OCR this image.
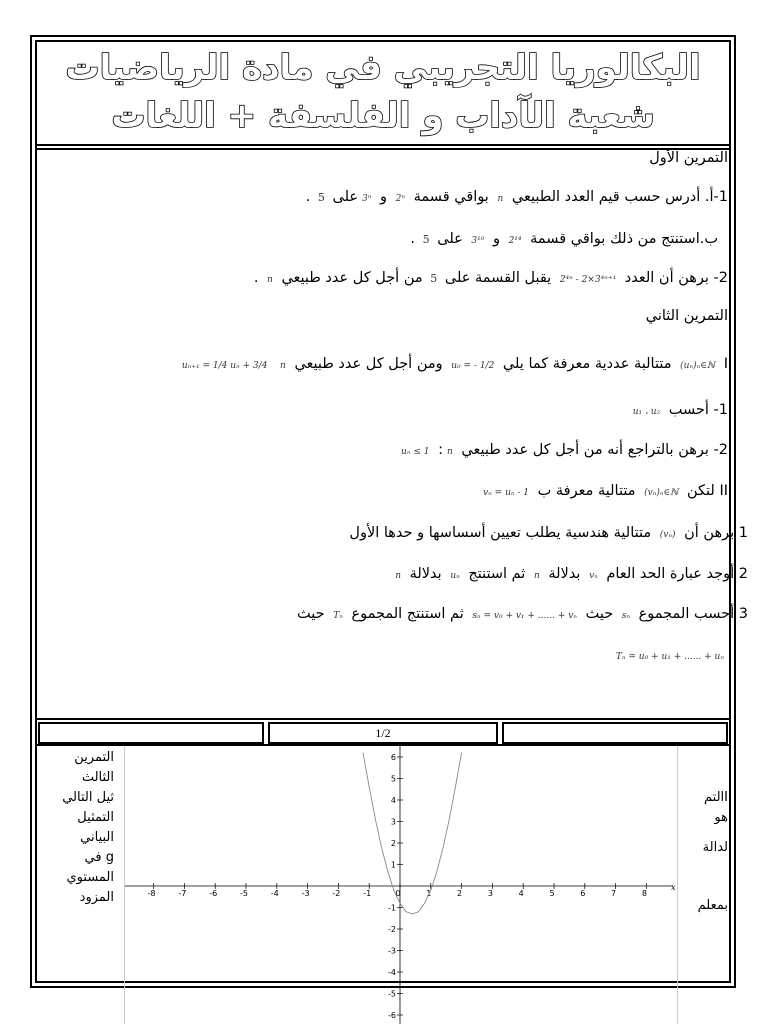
البكالوريا التجريبي في مادة الرياضيات
شعبة الآداب و الفلسفة + اللغات
التمرين الأول
1-أ. أدرس حسب قيم العدد الطبيعي n بواقي قسمة 2ⁿ و 3ⁿعلى 5 .
ب.استنتج من ذلك بواقي قسمة 2¹⁴ و 3¹⁰ على 5 .
2- برهن أن العدد 2⁴ⁿ - 2×3⁴ⁿ⁺¹ يقبل القسمة على 5 من أجل كل عدد طبيعي n .
التمرين الثاني
I (uₙ)ₙ∈ℕ متتالبة عددية معرفة كما يلي u₀ = - 1/2 ومن أجل كل عدد طبيعي n uₙ₊₁ = 1/4 uₙ + 3/4
1- أحسب u₁ ، u₂
2- برهن بالتراجع أنه من أجل كل عدد طبيعي n: uₙ ≤ 1
II لتكن (vₙ)ₙ∈ℕ متتالية معرفة ب vₙ = uₙ - 1
1 برهن أن (vₙ) متتالية هندسية يطلب تعيين أسساسها و حدها الأول
2 أوجد عبارة الحد العام vₙ بدلالة n ثم استنتج uₙ بدلالة n
3 أحسب المجموع sₙ حيث sₙ = v₀ + v₁ + ...... + vₙ ثم استنتج المجموع Tₙ حيث
Tₙ = u₀ + u₁ + ...... + uₙ
1/2
التمرين
الثالث
ثيل التالي
التمثيل
البياني
g في
المستوي
المزود
Iالتم
هو
لدالة
بمعلم
-8	-7	-6	-5	-4	-3	-2	-1	0	1	2	3	4	5	6	7	8
x
6
5
4
3
2
1
-1
-2
-3
-4
-5
-6
